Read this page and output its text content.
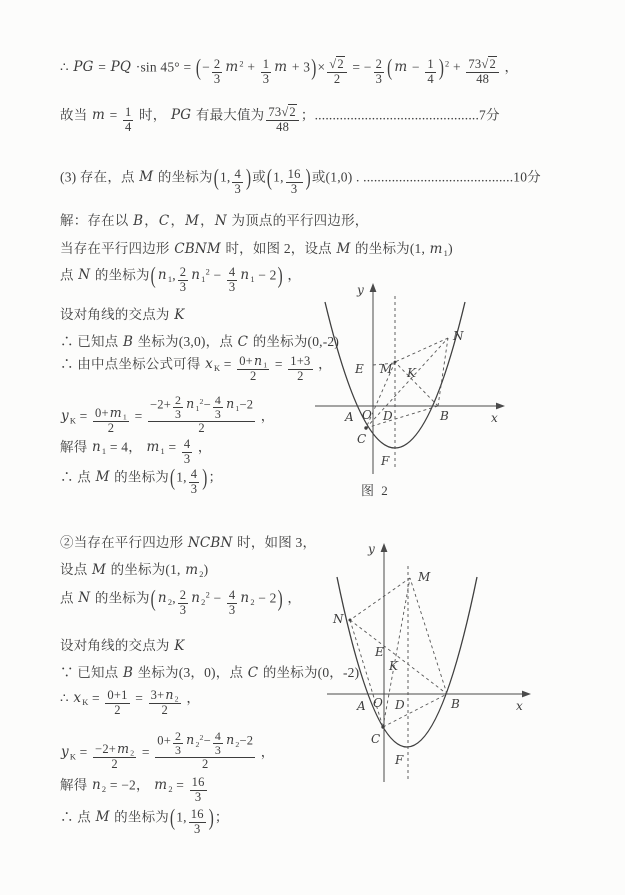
∴ PG = PQ ·sin 45° = (− $\frac{2}{3} m^2 + \frac{1}{3}$ $m + 3)\times \frac{√2}{2}$ = − $\frac{2}{3}$ ( $m - \frac{1}{4} )^2 + \frac{73√2}{48}$ ，
故当 $m = \frac{1}{4}$ 时， PG 有最大值为 $\frac{73√2}{48}$ ；..............................................7分
(3) 存在，点 M 的坐标为(1, $\frac{4}{3}$ )或(1, $\frac{16}{3}$ )或(1,0) . ..........................................10分
解：存在以 B，C，M，N 为顶点的平行四边形，
当存在平行四边形 CBNM 时，如图 2，设点 M 的坐标为(1, $m_1$)
点 N 的坐标为( $n_1$, $\frac{2}{3} n_1^2 - \frac{4}{3} n_1 - 2$) ，
设对角线的交点为 K
∴ 已知点 B 坐标为(3,0)，点 C 的坐标为(0,-2)
∴ 由中点坐标公式可得 $x_K = \frac{0+n_1}{2} = \frac{1+3}{2}$ ，
$y_K = \frac{0+m_1}{2} = \frac{-2+ \frac{2}{3} n_1^2- \frac{4}{3} n_1-2}{2}$ ，
解得 $n_1 = 4$， $m_1 = \frac{4}{3}$ ，
∴ 点 M 的坐标为(1, $\frac{4}{3}$ )；
②当存在平行四边形 NCBN 时，如图 3，
设点 M 的坐标为(1, $m_2$)
点 N 的坐标为( $n_2$, $\frac{2}{3} n_2^2 - \frac{4}{3} n_2 - 2$) ，
设对角线的交点为 K
∵ 已知点 B 坐标为(3，0)，点 C 的坐标为(0，-2)
∴ $x_K = \frac{0+1}{2} = \frac{3+n_2}{2}$ ，
$y_K = \frac{-2+m_2}{2} = \frac{0+ \frac{2}{3} n_2^2- \frac{4}{3} n_2-2}{2}$ ，
解得 $n_2 = -2$， $m_2 = \frac{16}{3}$
∴ 点 M 的坐标为(1, $\frac{16}{3}$ )；
y
x
A O D	B
C
E M K
N
F
图 2
y
x
M
N
E
K
A O D	B
C
F
